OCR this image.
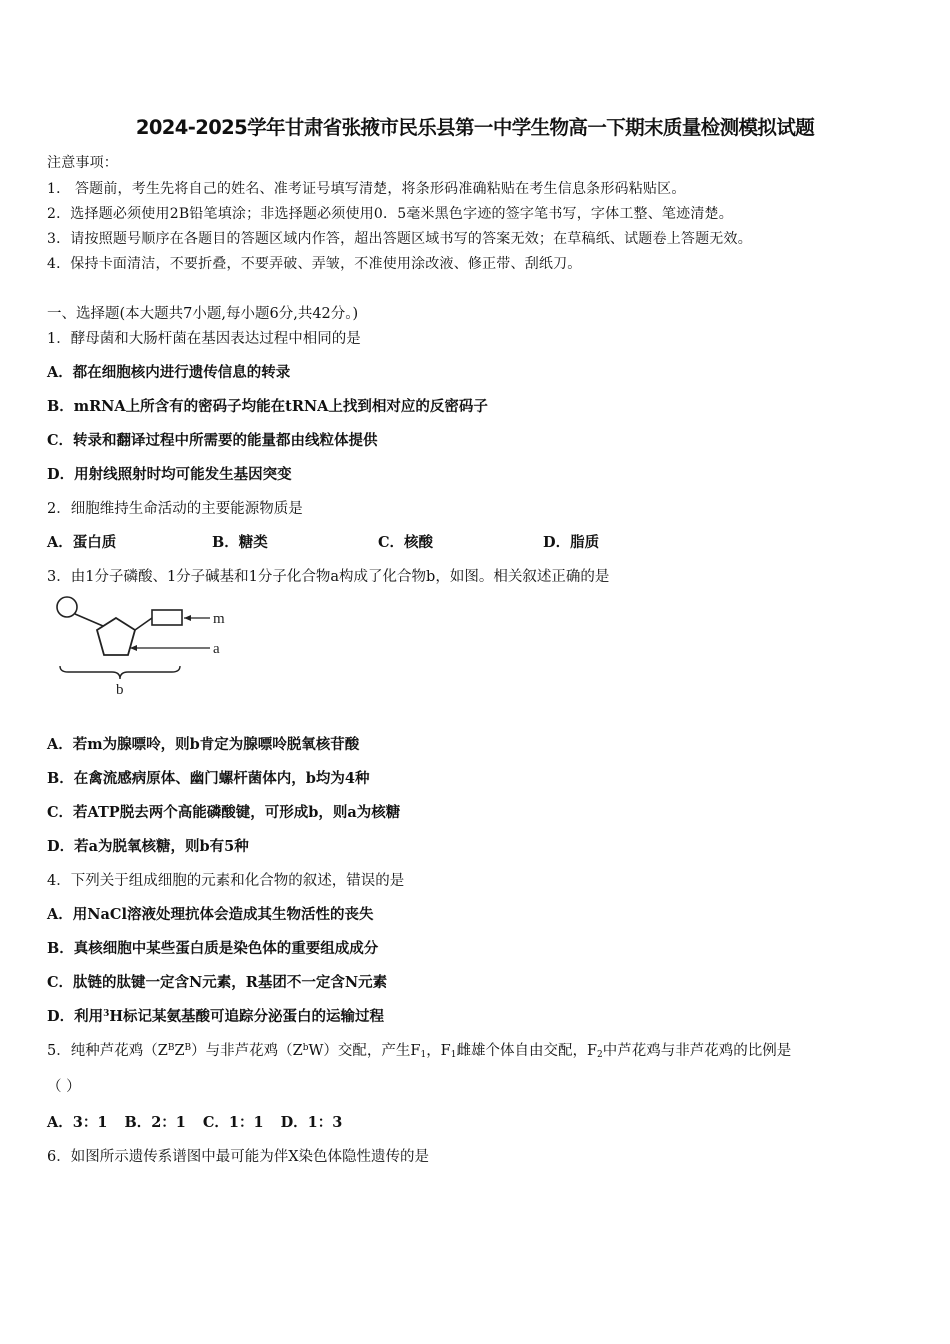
2024-2025学年甘肃省张掖市民乐县第一中学生物高一下期末质量检测模拟试题
注意事项：
1． 答题前，考生先将自己的姓名、准考证号填写清楚，将条形码准确粘贴在考生信息条形码粘贴区。
2．选择题必须使用2B铅笔填涂；非选择题必须使用0．5毫米黑色字迹的签字笔书写，字体工整、笔迹清楚。
3．请按照题号顺序在各题目的答题区域内作答，超出答题区域书写的答案无效；在草稿纸、试题卷上答题无效。
4．保持卡面清洁，不要折叠，不要弄破、弄皱，不准使用涂改液、修正带、刮纸刀。
一、选择题(本大题共7小题,每小题6分,共42分。)
1．酵母菌和大肠杆菌在基因表达过程中相同的是
A．都在细胞核内进行遗传信息的转录
B．mRNA上所含有的密码子均能在tRNA上找到相对应的反密码子
C．转录和翻译过程中所需要的能量都由线粒体提供
D．用射线照射时均可能发生基因突变
2．细胞维持生命活动的主要能源物质是
A．蛋白质	B．糖类	C．核酸	D．脂质
3．由1分子磷酸、1分子碱基和1分子化合物a构成了化合物b，如图。相关叙述正确的是
m
a
b
A．若m为腺嘌呤，则b肯定为腺嘌呤脱氧核苷酸
B．在禽流感病原体、幽门螺杆菌体内，b均为4种
C．若ATP脱去两个高能磷酸键，可形成b，则a为核糖
D．若a为脱氧核糖，则b有5种
4．下列关于组成细胞的元素和化合物的叙述，错误的是
A．用NaCl溶液处理抗体会造成其生物活性的丧失
B．真核细胞中某些蛋白质是染色体的重要组成成分
C．肽链的肽键一定含N元素，R基团不一定含N元素
D．利用$^3$H标记某氨基酸可追踪分泌蛋白的运输过程
5．纯种芦花鸡$(Z^BZ^B)$与非芦花鸡$(Z^bW)$交配，产生$F_1$，$F_1$雌雄个体自由交配，$F_2$中芦花鸡与非芦花鸡的比例是
（ ）
A．3：1 B．2：1 C．1：1 D．1：3
6．如图所示遗传系谱图中最可能为伴X染色体隐性遗传的是
